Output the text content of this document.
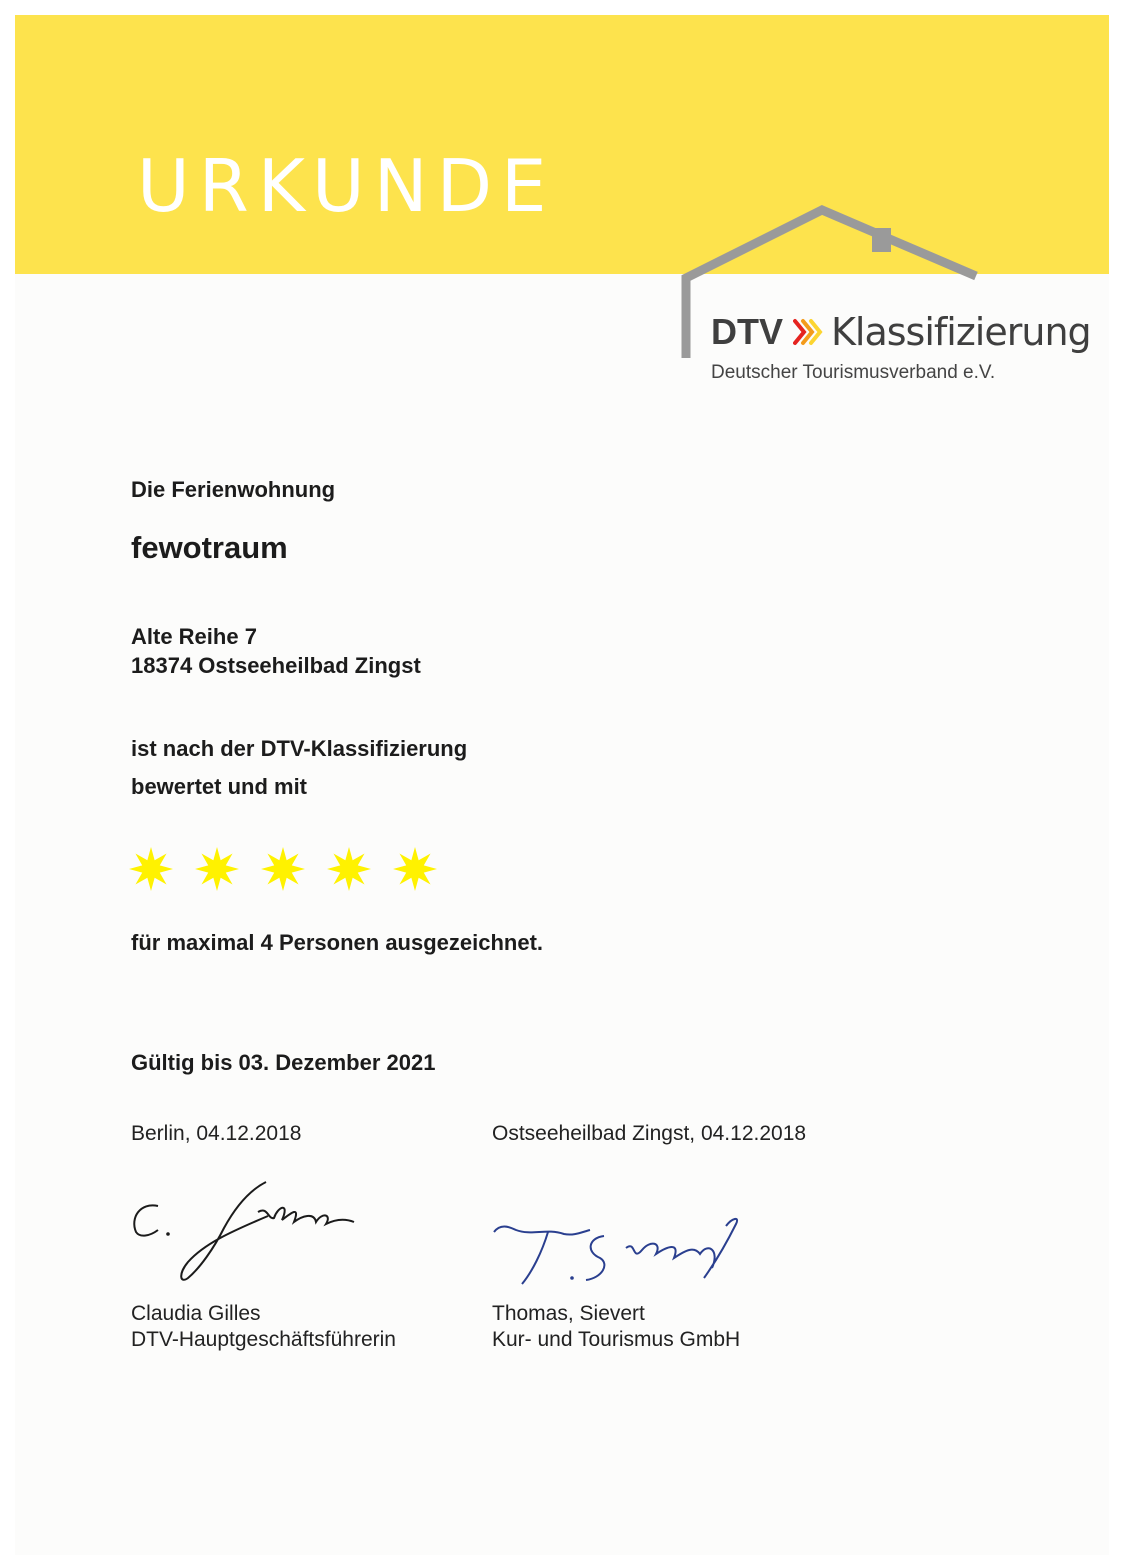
URKUNDE
DTV Klassifizierung
Deutscher Tourismusverband e.V.
Die Ferienwohnung
fewotraum
Alte Reihe 7
18374 Ostseeheilbad Zingst
ist nach der DTV-Klassifizierung
bewertet und mit
für maximal 4 Personen ausgezeichnet.
Gültig bis 03. Dezember 2021
Berlin, 04.12.2018
Claudia Gilles
DTV-Hauptgeschäftsführerin
Ostseeheilbad Zingst, 04.12.2018
Thomas, Sievert
Kur- und Tourismus GmbH
